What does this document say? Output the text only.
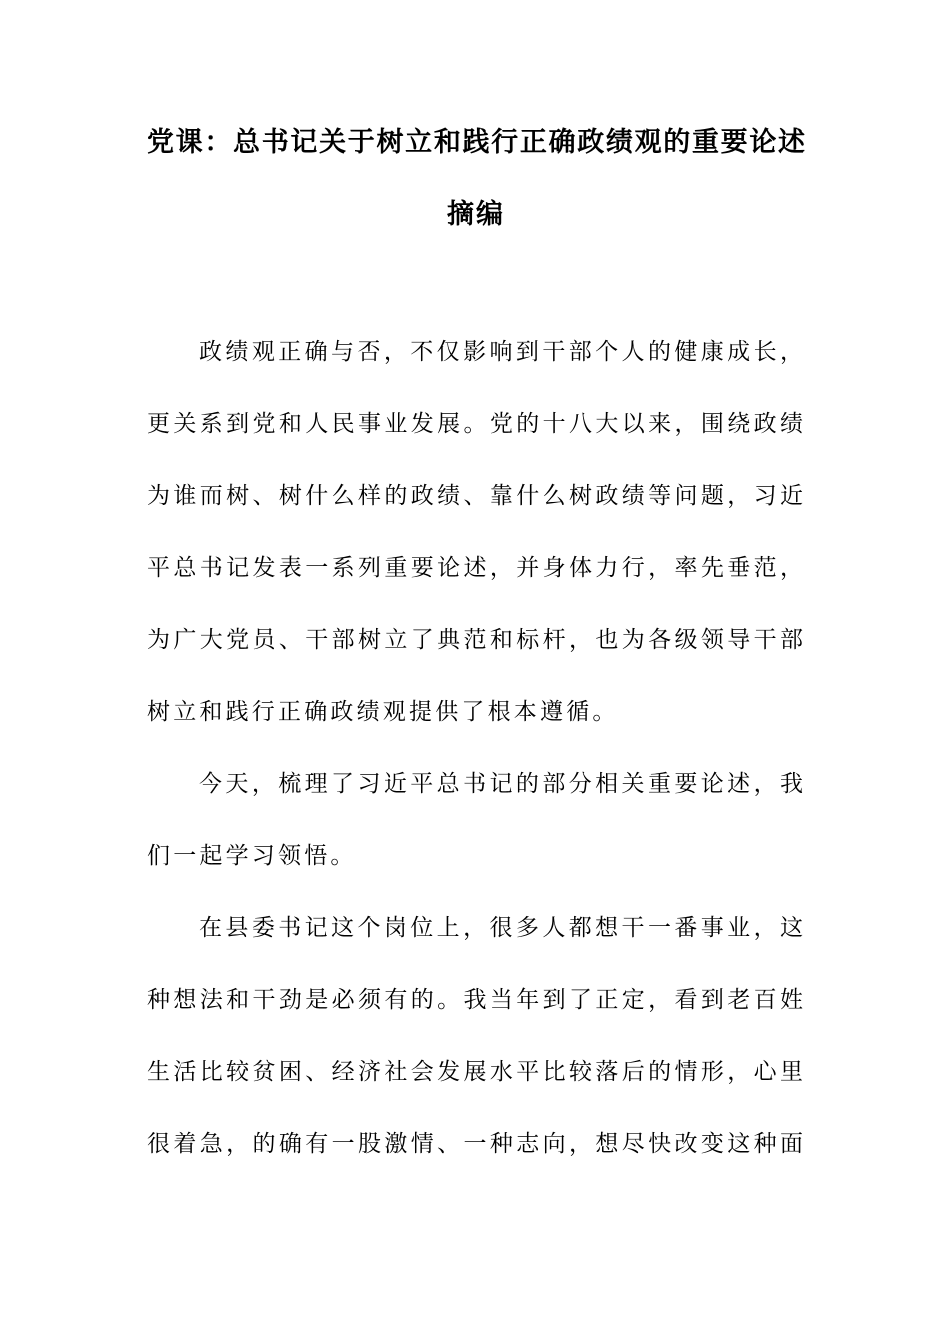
党课：总书记关于树立和践行正确政绩观的重要论述
摘编
政绩观正确与否，不仅影响到干部个人的健康成长，
更关系到党和人民事业发展。党的十八大以来，围绕政绩
为谁而树、树什么样的政绩、靠什么树政绩等问题，习近
平总书记发表一系列重要论述，并身体力行，率先垂范，
为广大党员、干部树立了典范和标杆，也为各级领导干部
树立和践行正确政绩观提供了根本遵循。
今天，梳理了习近平总书记的部分相关重要论述，我
们一起学习领悟。
在县委书记这个岗位上，很多人都想干一番事业，这
种想法和干劲是必须有的。我当年到了正定，看到老百姓
生活比较贫困、经济社会发展水平比较落后的情形，心里
很着急，的确有一股激情、一种志向，想尽快改变这种面
